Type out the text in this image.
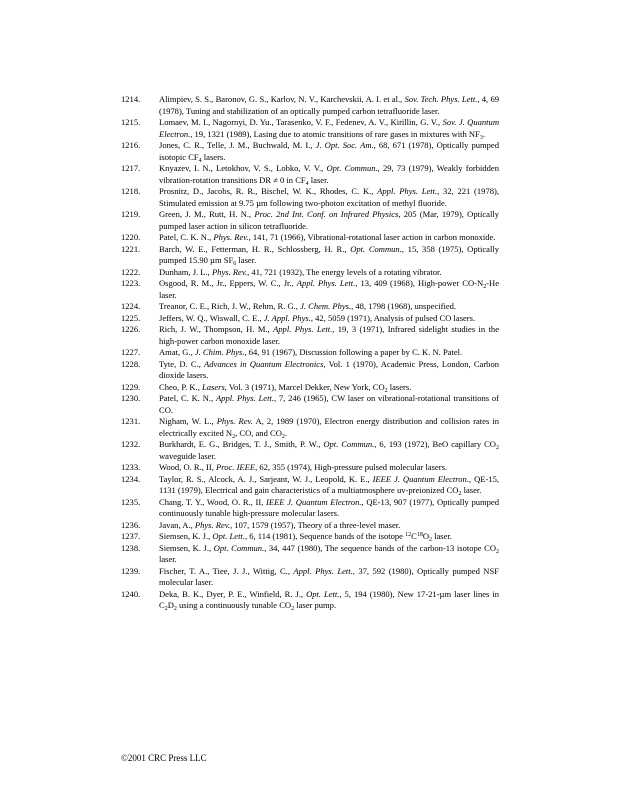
1214.	Alimpiev, S. S., Baronov, G. S., Karlov, N. V., Karchevskii, A. I. et al., Sov. Tech. Phys. Lett., 4, 69 (1978), Tuning and stabilization of an optically pumped carbon tetrafluoride laser.
1215.	Lomaev, M. I., Nagornyi, D. Yu., Tarasenko, V. F., Fedenev, A. V., Kirillin, G. V., Sov. J. Quantum Electron., 19, 1321 (1989), Lasing due to atomic transitions of rare gases in mixtures with $NF_3$.
1216.	Jones, C. R., Telle, J. M., Buchwald, M. I., J. Opt. Soc. Am., 68, 671 (1978), Optically pumped isotopic $CF_4$ lasers.
1217.	Knyazev, I. N., Letokhov, V. S., Lobko, V. V., Opt. Commun., 29, 73 (1979), Weakly forbidden vibration-rotation transitions DR ≠ 0 in $CF_4$ laser.
1218.	Prosnitz, D., Jacobs, R. R., Bischel, W. K., Rhodes, C. K., Appl. Phys. Lett., 32, 221 (1978), Stimulated emission at 9.75 µm following two-photon excitation of methyl fluoride.
1219.	Green, J. M., Rutt, H. N., Proc. 2nd Int. Conf. on Infrared Physics, 205 (Mar, 1979), Optically pumped laser action in silicon tetrafluoride.
1220.	Patel, C. K. N., Phys. Rev., 141, 71 (1966), Vibrational-rotational laser action in carbon monoxide.
1221.	Barch, W. E., Fetterman, H. R., Schlossberg, H. R., Opt. Commun., 15, 358 (1975), Optically pumped 15.90 µm $SF_6$ laser.
1222.	Dunham, J. L., Phys. Rev., 41, 721 (1932), The energy levels of a rotating vibrator.
1223.	Osgood, R. M., Jr., Eppers, W. C., Jr., Appl. Phys. Lett., 13, 409 (1968), High-power $CO-N_2-He$ laser.
1224.	Treanor, C. E., Rich, J. W., Rehm, R. G., J. Chem. Phys., 48, 1798 (1968), unspecified.
1225.	Jeffers, W. Q., Wiswall, C. E., J. Appl. Phys., 42, 5059 (1971), Analysis of pulsed CO lasers.
1226.	Rich, J. W., Thompson, H. M., Appl. Phys. Lett., 19, 3 (1971), Infrared sidelight studies in the high-power carbon monoxide laser.
1227.	Amat, G., J. Chim. Phys., 64, 91 (1967), Discussion following a paper by C. K. N. Patel.
1228.	Tyte, D. C., Advances in Quantum Electronics, Vol. 1 (1970), Academic Press, London, Carbon dioxide lasers.
1229.	Cheo, P. K., Lasers, Vol. 3 (1971), Marcel Dekker, New York, $CO_2$ lasers.
1230.	Patel, C. K. N., Appl. Phys. Lett., 7, 246 (1965), CW laser on vibrational-rotational transitions of CO.
1231.	Nigham, W. L., Phys. Rev. A, 2, 1989 (1970), Electron energy distribution and collision rates in electrically excited $N_2$, CO, and $CO_2$.
1232.	Burkhardt, E. G., Bridges, T. J., Smith, P. W., Opt. Commun., 6, 193 (1972), BeO capillary $CO_2$ waveguide laser.
1233.	Wood, O. R., II, Proc. IEEE, 62, 355 (1974), High-pressure pulsed molecular lasers.
1234.	Taylor, R. S., Alcock, A. J., Sarjeant, W. J., Leopold, K. E., IEEE J. Quantum Electron., QE-15, 1131 (1979), Electrical and gain characteristics of a multiatmosphere uv-preionized $CO_2$ laser.
1235.	Chang, T. Y., Wood, O. R., II, IEEE J. Quantum Electron., QE-13, 907 (1977), Optically pumped continuously tunable high-pressure molecular lasers.
1236.	Javan, A., Phys. Rev., 107, 1579 (1957), Theory of a three-level maser.
1237.	Siemsen, K. J., Opt. Lett., 6, 114 (1981), Sequence bands of the isotope $^{12}C^{18}O_2$ laser.
1238.	Siemsen, K. J., Opt. Commun., 34, 447 (1980), The sequence bands of the carbon-13 isotope $CO_2$ laser.
1239.	Fischer, T. A., Tiee, J. J., Wittig, C., Appl. Phys. Lett., 37, 592 (1980), Optically pumped NSF molecular laser.
1240.	Deka, B. K., Dyer, P. E., Winfield, R. J., Opt. Lett., 5, 194 (1980), New 17-21-µm laser lines in $C_2D_2$ using a continuously tunable $CO_2$ laser pump.
©2001 CRC Press LLC
